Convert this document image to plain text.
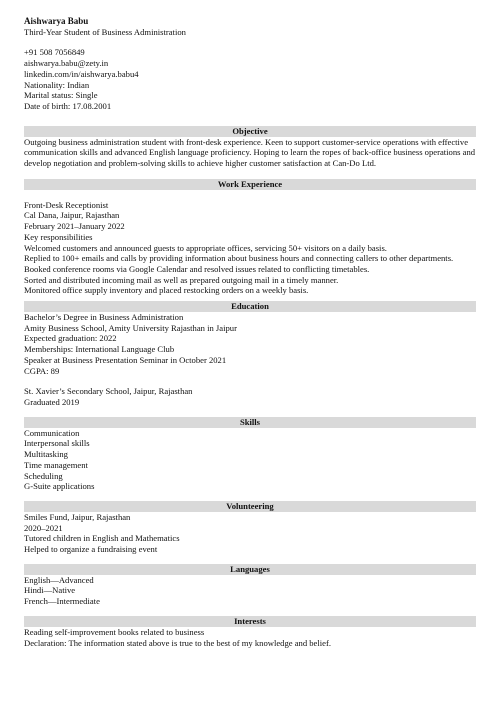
Aishwarya Babu
Third-Year Student of Business Administration
+91 508 7056849
aishwarya.babu@zety.in
linkedin.com/in/aishwarya.babu4
Nationality: Indian
Marital status: Single
Date of birth: 17.08.2001
Objective
Outgoing business administration student with front-desk experience. Keen to support customer-service operations with effective communication skills and advanced English language proficiency. Hoping to learn the ropes of back-office business operations and develop negotiation and problem-solving skills to achieve higher customer satisfaction at Can-Do Ltd.
Work Experience
Front-Desk Receptionist
Cal Dana, Jaipur, Rajasthan
February 2021–January 2022
Key responsibilities
Welcomed customers and announced guests to appropriate offices, servicing 50+ visitors on a daily basis.
Replied to 100+ emails and calls by providing information about business hours and connecting callers to other departments.
Booked conference rooms via Google Calendar and resolved issues related to conflicting timetables.
Sorted and distributed incoming mail as well as prepared outgoing mail in a timely manner.
Monitored office supply inventory and placed restocking orders on a weekly basis.
Education
Bachelor’s Degree in Business Administration
Amity Business School, Amity University Rajasthan in Jaipur
Expected graduation: 2022
Memberships: International Language Club
Speaker at Business Presentation Seminar in October 2021
CGPA: 89
St. Xavier’s Secondary School, Jaipur, Rajasthan
Graduated 2019
Skills
Communication
Interpersonal skills
Multitasking
Time management
Scheduling
G-Suite applications
Volunteering
Smiles Fund, Jaipur, Rajasthan
2020–2021
Tutored children in English and Mathematics
Helped to organize a fundraising event
Languages
English—Advanced
Hindi—Native
French—Intermediate
Interests
Reading self-improvement books related to business
Declaration: The information stated above is true to the best of my knowledge and belief.
